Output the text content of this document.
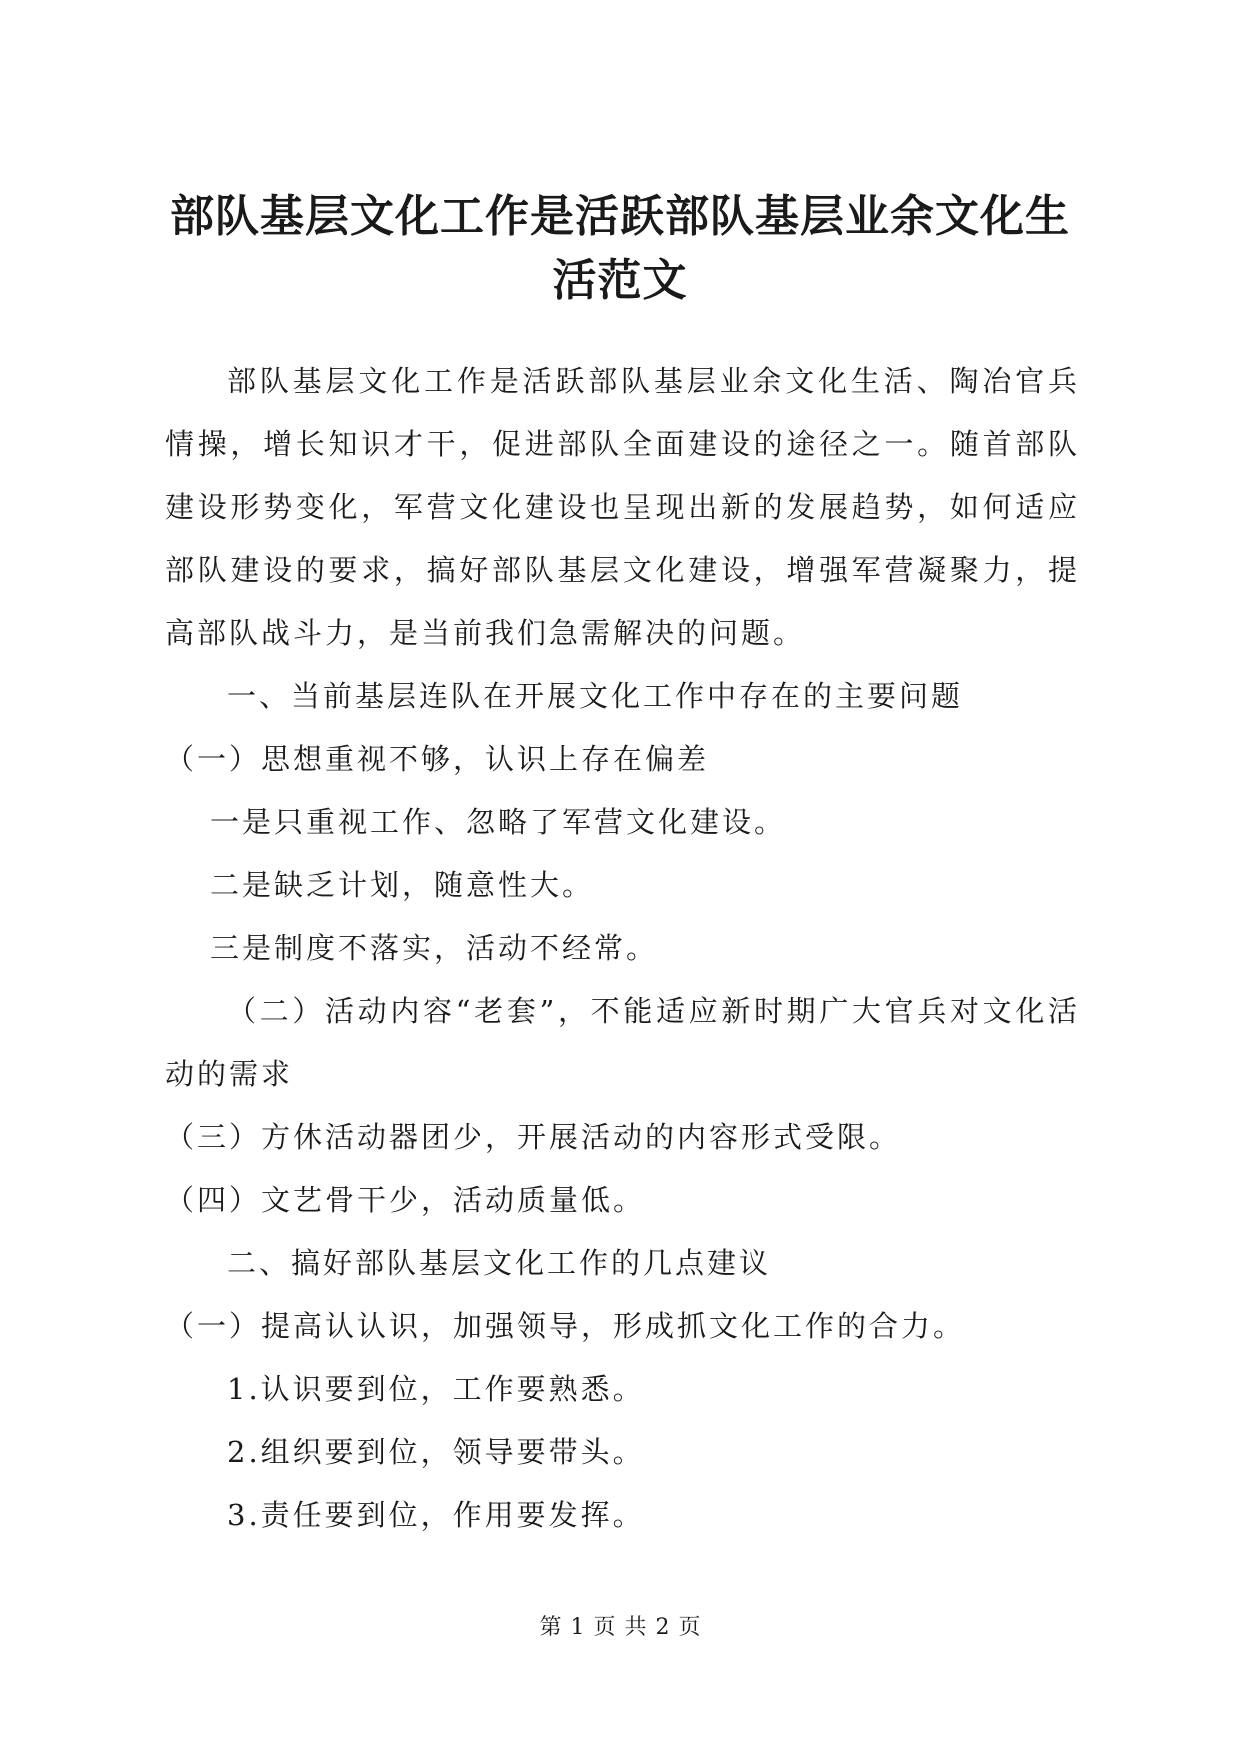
部队基层文化工作是活跃部队基层业余文化生活范文

部队基层文化工作是活跃部队基层业余文化生活、陶冶官兵情操，增长知识才干，促进部队全面建设的途径之一。随首部队建设形势变化，军营文化建设也呈现出新的发展趋势，如何适应部队建设的要求，搞好部队基层文化建设，增强军营凝聚力，提高部队战斗力，是当前我们急需解决的问题。

一、当前基层连队在开展文化工作中存在的主要问题

（一）思想重视不够，认识上存在偏差

一是只重视工作、忽略了军营文化建设。

二是缺乏计划，随意性大。

三是制度不落实，活动不经常。

（二）活动内容“老套”，不能适应新时期广大官兵对文化活动的需求

（三）方休活动器团少，开展活动的内容形式受限。

（四）文艺骨干少，活动质量低。

二、搞好部队基层文化工作的几点建议

（一）提高认认识，加强领导，形成抓文化工作的合力。

1.认识要到位，工作要熟悉。

2.组织要到位，领导要带头。

3.责任要到位，作用要发挥。

第 1 页 共 2 页
